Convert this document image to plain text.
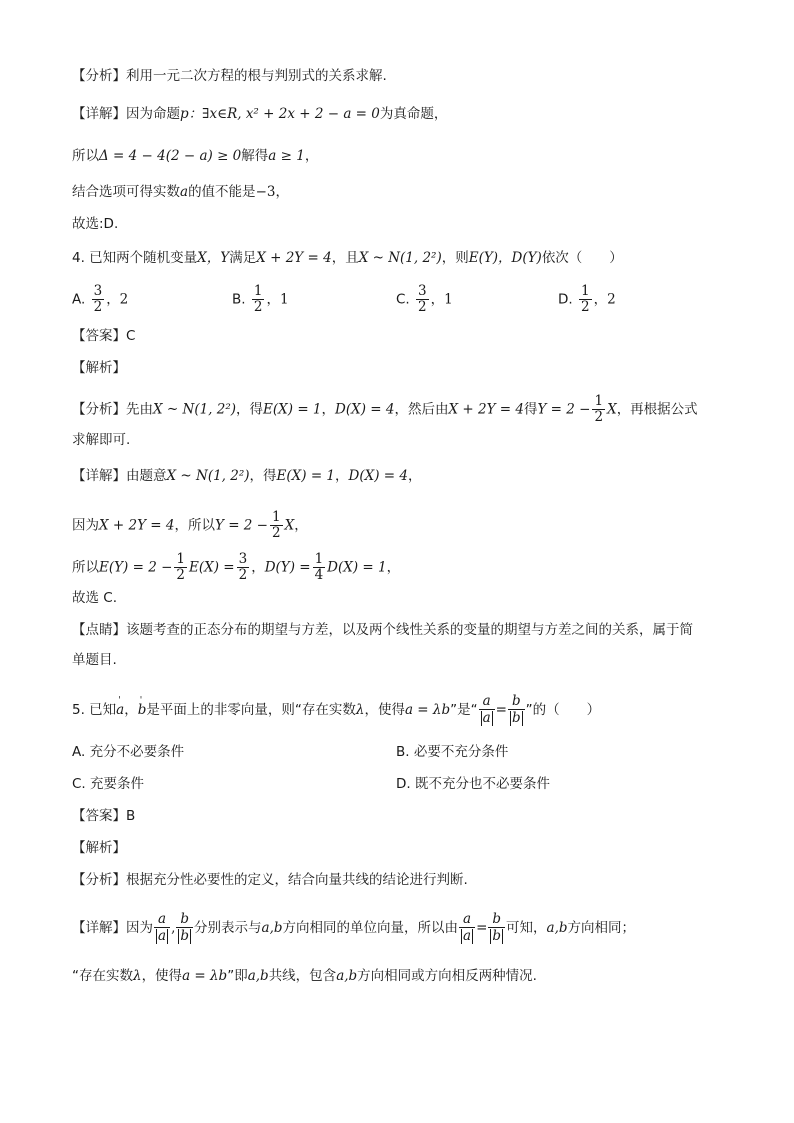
【分析】利用一元二次方程的根与判别式的关系求解.
【详解】因为命题p：∃x∈R, x² + 2x + 2 − a = 0为真命题，
所以Δ = 4 − 4(2 − a) ≥ 0解得a ≥ 1，
结合选项可得实数a的值不能是−3，
故选:D.
4. 已知两个随机变量X，Y满足X + 2Y = 4，且X ~ N(1, 2²)，则E(Y)，D(Y)依次（　　）
A. $\frac{3}{2}$ ，2	B. $\frac{1}{2}$ ，1	C. $\frac{3}{2}$ ，1	D. $\frac{1}{2}$ ，2
【答案】C
【解析】
【分析】先由X ~ N(1, 2²)，得E(X) = 1，D(X) = 4，然后由X + 2Y = 4得$Y = 2 - \frac{1}{2}$ X，再根据公式
求解即可.
【详解】由题意X ~ N(1, 2²)，得E(X) = 1，D(X) = 4，
因为X + 2Y = 4，所以$Y = 2 - \frac{1}{2}$ X，
所以$E(Y) = 2 - \frac{1}{2} E(X) = \frac{3}{2}$ ，$D(Y) = \frac{1}{4} D(X) = 1$，
故选 C.
【点睛】该题考查的正态分布的期望与方差，以及两个线性关系的变量的期望与方差之间的关系，属于简
单题目.
5. 已知' a，' b是平面上的非零向量，则“存在实数λ，使得a = λb”是“ $\frac{a}{a} = \frac{b}{b}$ ”的（　　）
A. 充分不必要条件	B. 必要不充分条件
C. 充要条件	D. 既不充分也不必要条件
【答案】B
【解析】
【分析】根据充分性必要性的定义，结合向量共线的结论进行判断.
【详解】因为 $\frac{a}{a}$ , $\frac{b}{b}$ 分别表示与a,b方向相同的单位向量，所以由 $\frac{a}{a} = \frac{b}{b}$ 可知，a,b方向相同；
“存在实数λ，使得a = λb”即a,b共线，包含a,b方向相同或方向相反两种情况.
